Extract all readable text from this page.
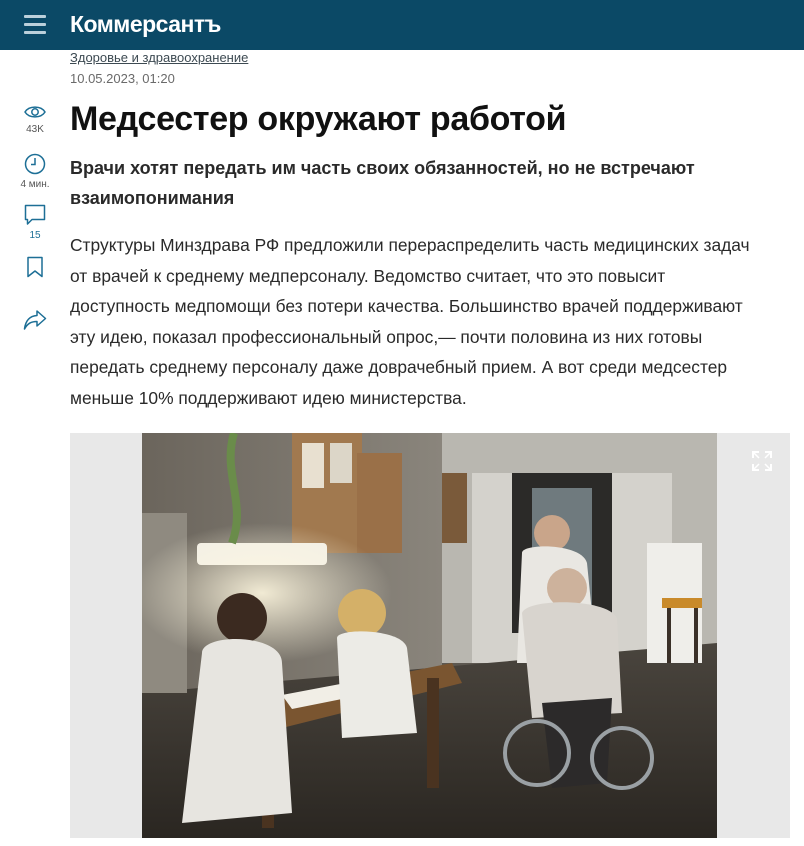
Коммерсантъ
Здоровье и здравоохранение
10.05.2023, 01:20
43K
4 мин.
15
Медсестер окружают работой
Врачи хотят передать им часть своих обязанностей, но не встречают
взаимопонимания
Структуры Минздрава РФ предложили перераспределить часть медицинских задач
от врачей к среднему медперсоналу. Ведомство считает, что это повысит
доступность медпомощи без потери качества. Большинство врачей поддерживают
эту идею, показал профессиональный опрос,— почти половина из них готовы
передать среднему персоналу даже доврачебный прием. А вот среди медсестер
меньше 10% поддерживают идею министерства.
